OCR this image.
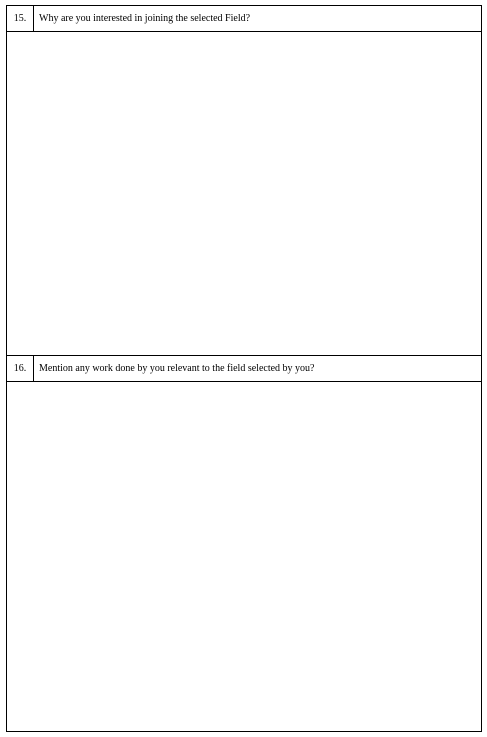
15.	Why are you interested in joining the selected Field?
16.	Mention any work done by you relevant to the field selected by you?
